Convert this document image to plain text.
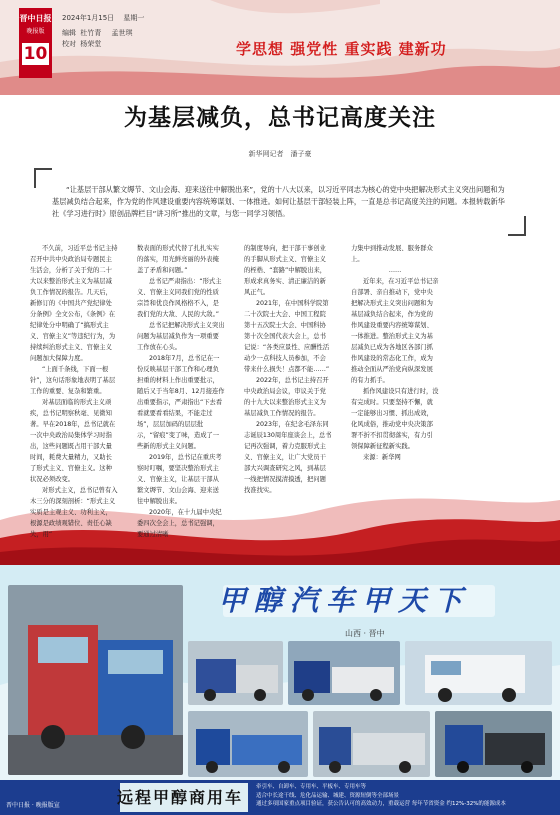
晋中日报
晚报版
10
2024年1月15日 星期一
编辑 杜竹青 孟世琪
校对 杨荣堂	学思想 强党性 重实践 建新功
为基层减负，总书记高度关注
新华网记者　潘子豪
“让基层干部从繁文缛节、文山会海、迎来送往中解脱出来”，党的十八大以来，以习近平同志为核心的党中央把解决形式主义突出问题和为基层减负结合起来，作为党的作风建设重要内容统筹谋划、一体推进。如何让基层干部轻装上阵，一直是总书记高度关注的问题。本报转载新华社《学习进行时》原创品牌栏目“讲习所”推出的文章，与您一同学习领悟。

不久前，习近平总书记主持召开中共中央政治局专题民主生活会，分析了关于党的二十大以来整治形式主义为基层减负工作情况的报告。几天后，新修订的《中国共产党纪律处分条例》全文公布，《条例》在纪律处分中明确了“搞形式主义、官僚主义”等违纪行为，为持续纠治形式主义、官僚主义问题加大保障力度。

“上面千条线，下面一根针”，这句话形象地表明了基层工作的重要、复杂和繁重。

对基层面临的形式主义顽疾，总书记明察秋毫、见微知著。早在2018年，总书记就在一次中央政治局集体学习时指出，这些问题既占用干部大量时间，耗费大量精力，又助长了形式主义、官僚主义。这种状况必须改变。

对形式主义，总书记曾有入木三分的深刻剖析：“形式主义实质是主观主义、功利主义，根源是政绩观错位、责任心缺失，用“

数表面的形式代替了扎扎实实的落实，用光鲜亮丽的外表掩盖了矛盾和问题。”

总书记严肃指出：“形式主义、官僚主义同我们党的性质宗旨和优良作风格格不入，是我们党的大敌、人民的大敌。”

总书记把解决形式主义突出问题为基层减负作为一项重要工作放在心头。

2018年7月，总书记在一份反映基层干部工作和心理负担重的材料上作出重要批示，随后又于当年8月、12月接连作出重要指示，严肃指出“下去看看就要看看结果，不能走过场”，层层加码的层层批示，“留痕”变了味，造成了一些新的形式主义问题。

2019年，总书记在重庆考察时叮嘱，要坚决整治形式主义、官僚主义，让基层干部从繁文缛节、文山会海、迎来送往中解脱出来。

2020年，在十九届中央纪委四次全会上，总书记强调，要通过清晰

的制度导向，把干部干事创业的手脚从形式主义、官僚主义的桎梏、“套路”中解脱出来，形成求真务实、清正廉洁的新风正气。

2021年，在中国科学院第二十次院士大会、中国工程院第十五次院士大会、中国科协第十次全国代表大会上，总书记说：“各类应景性、应酬性活动少一点科技人员参加，不会带来什么损失！点都不能……”

2022年，总书记主持召开中央政治局会议，审议关于党的十九大以来整治形式主义为基层减负工作情况的报告。

2023年，在纪念毛泽东同志诞辰130周年座谈会上，总书记再次强调，着力克服形式主义、官僚主义，让广大党员干部大兴调查研究之风，到基层一线把情况摸清摸透，把问题找准找实。

力集中到推动发展、服务群众上。

……

近年来，在习近平总书记亲自部署、亲自推动下，党中央把解决形式主义突出问题和为基层减负结合起来，作为党的作风建设重要内容统筹谋划、一体推进。整治形式主义为基层减负已成为各地区各部门抓作风建设的常态化工作，成为推动全面从严治党向纵深发展的有力抓手。

抓作风建设只有进行时，没有完成时。只要坚持不懈，就一定能够出习惯、抓出成效，化风成俗，推动党中央决策部署不折不扣贯彻落实，有力引领保障新征程新实践。

来源：新华网

甲醇汽车甲天下
山西 · 晋中
远程甲醇商用车
牵引车、自卸车、专用车、平板车、专用车等
适合中长途干线、危化品运输、城建、资源短倒等全部场景
通过多项国家重点项目验证，获公告认可的高效动力，重载运营 每年节省资金 约12%-32%的能源成本
晋中日报 · 晚报版宣
